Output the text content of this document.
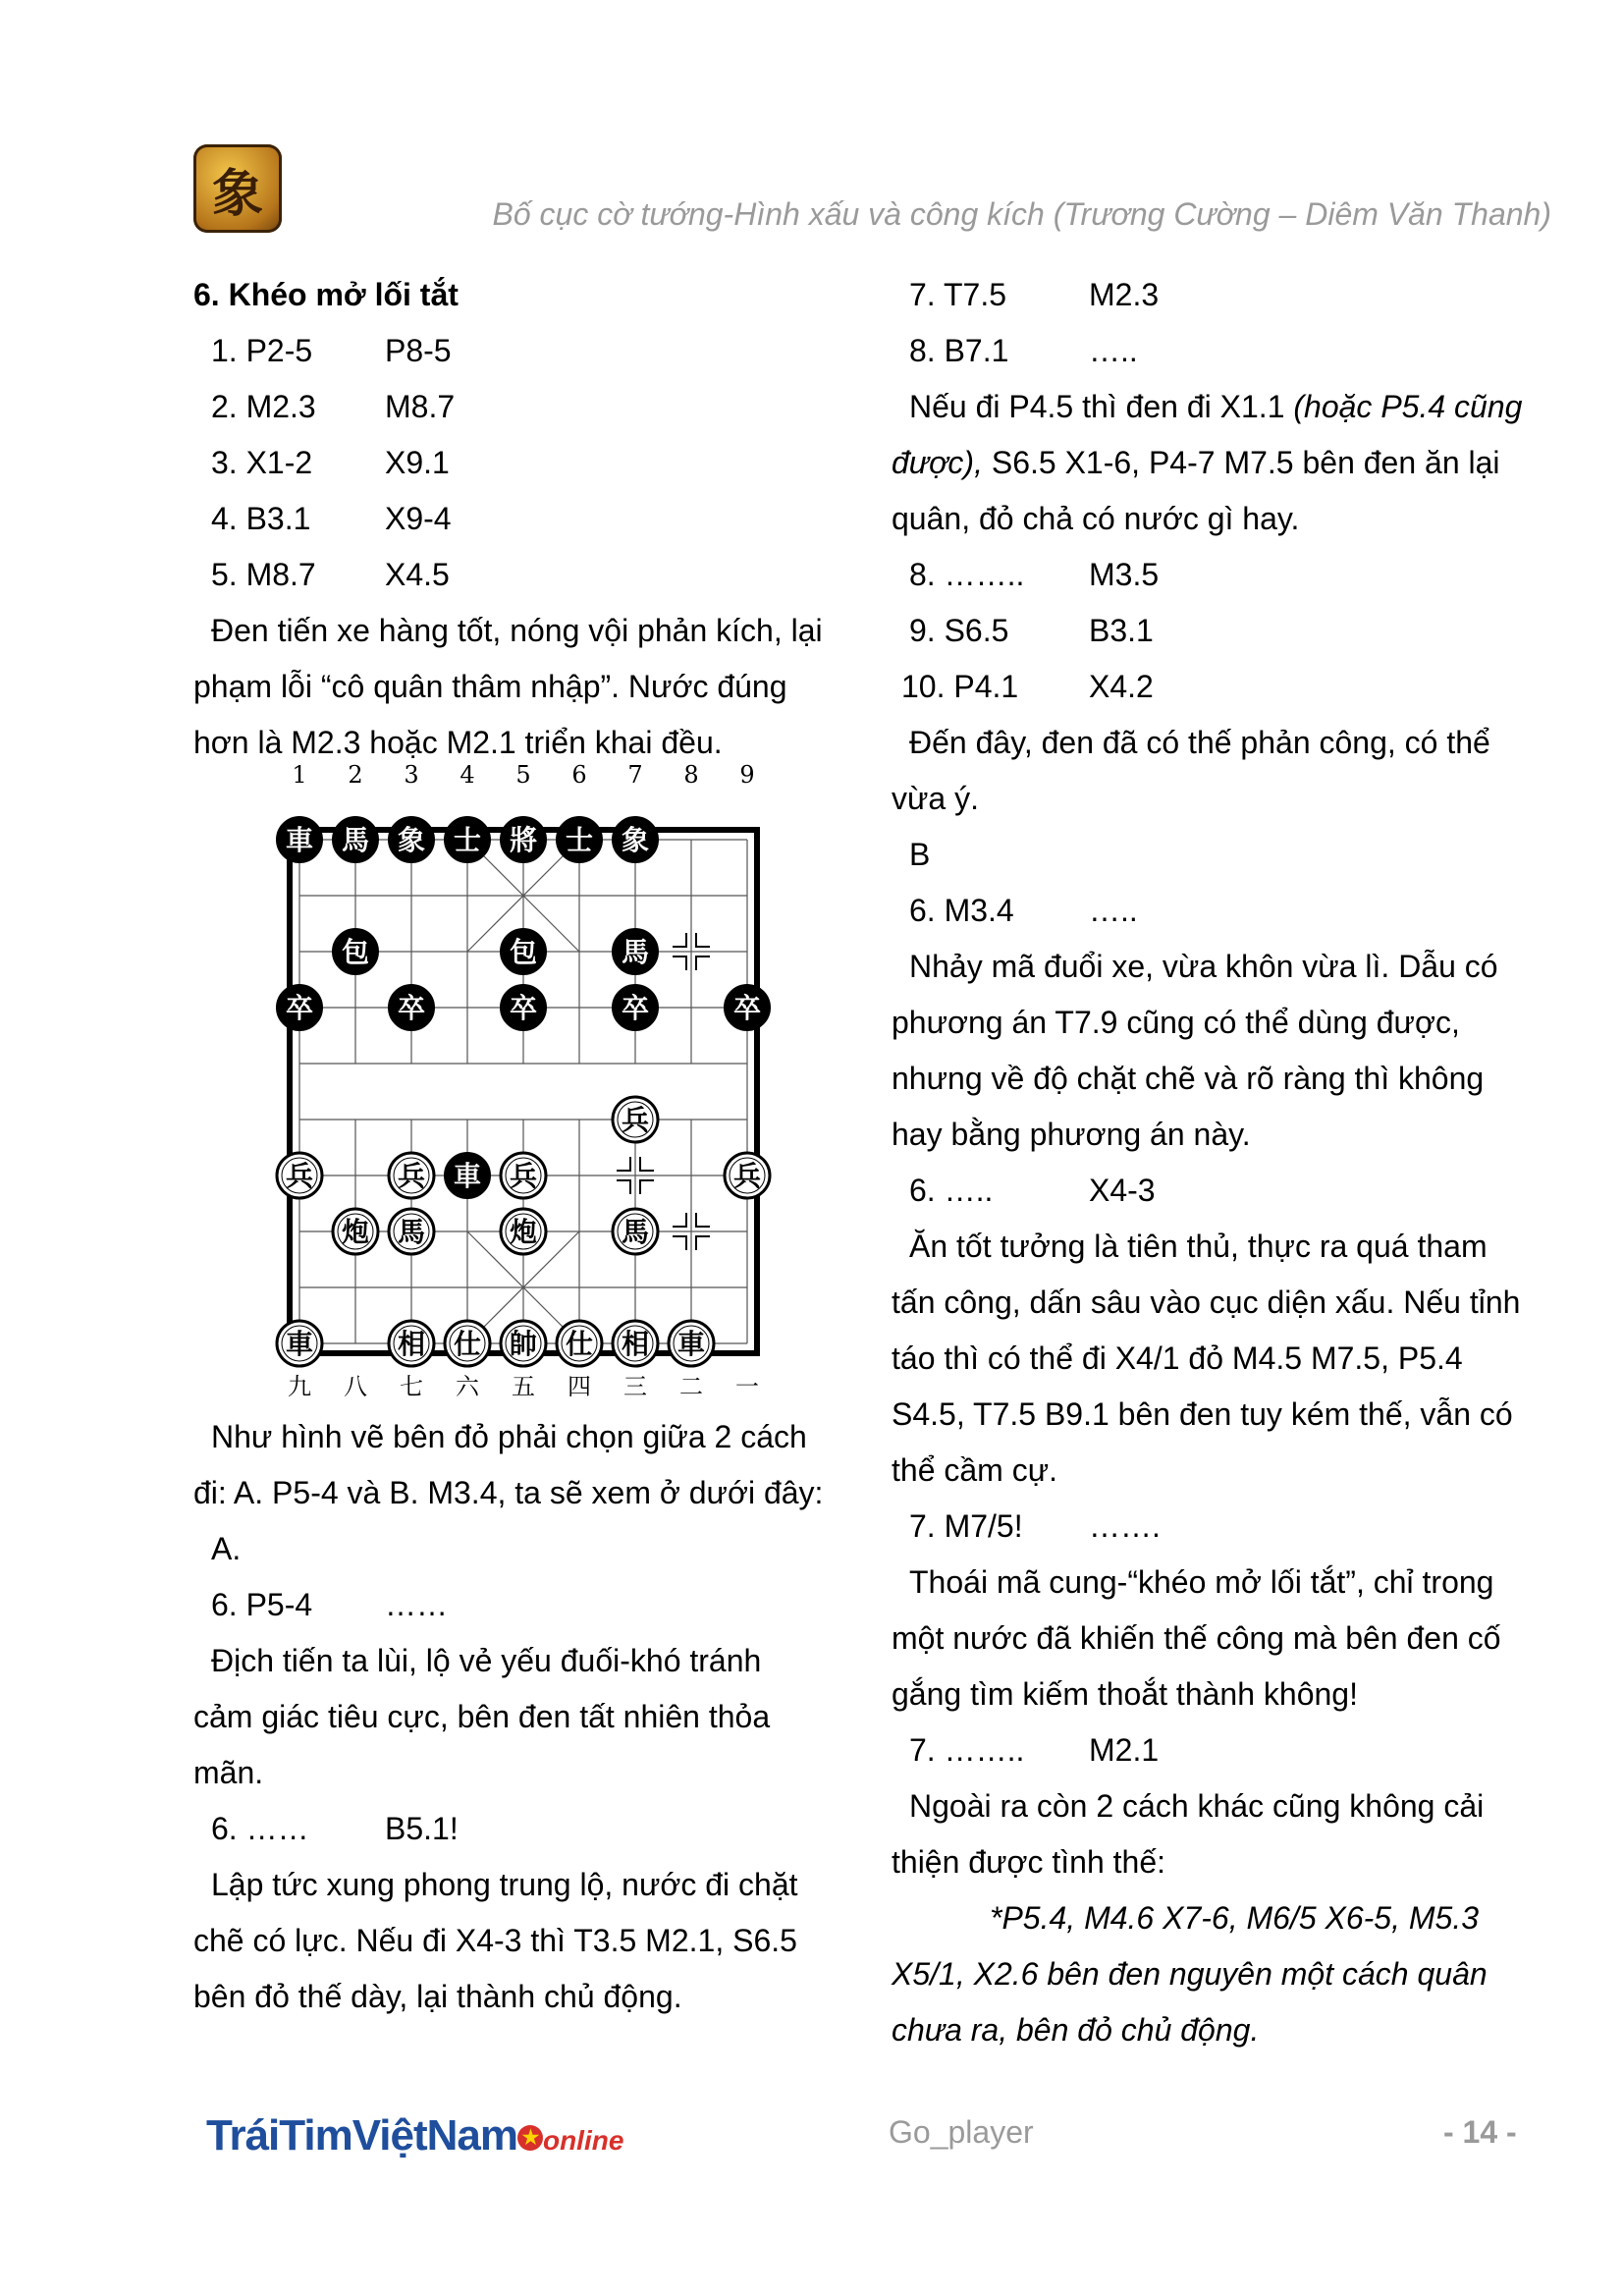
象	Bố cục cờ tướng-Hình xấu và công kích (Trương Cường – Diêm Văn Thanh)
6. Khéo mở lối tắt
1. P2-5 P8-5
2. M2.3 M8.7
3. X1-2 X9.1
4. B3.1 X9-4
5. M8.7 X4.5
Đen tiến xe hàng tốt, nóng vội phản kích, lại
phạm lỗi “cô quân thâm nhập”. Nước đúng
hơn là M2.3 hoặc M2.1 triển khai đều.
1 2 3 4 5 6 7 8 9
九 八 七 六 五 四 三 二 一
車 馬 象 士 將 士 象
包	包	馬
卒	卒	卒	卒	卒
兵
兵	兵 車 兵	兵
炮 馬	炮	馬
車	相 仕 帥 仕 相 車
Như hình vẽ bên đỏ phải chọn giữa 2 cách
đi: A. P5-4 và B. M3.4, ta sẽ xem ở dưới đây:
A.
6. P5-4 ……
Địch tiến ta lùi, lộ vẻ yếu đuối-khó tránh
cảm giác tiêu cực, bên đen tất nhiên thỏa
mãn.
6. …… B5.1!
Lập tức xung phong trung lộ, nước đi chặt
chẽ có lực. Nếu đi X4-3 thì T3.5 M2.1, S6.5
bên đỏ thế dày, lại thành chủ động.
7. T7.5	M2.3
8. B7.1	…..
Nếu đi P4.5 thì đen đi X1.1 (hoặc P5.4 cũng
được), S6.5 X1-6, P4-7 M7.5 bên đen ăn lại
quân, đỏ chả có nước gì hay.
8. …….. M3.5
9. S6.5	B3.1
10. P4.1 X4.2
Đến đây, đen đã có thế phản công, có thể
vừa ý.
B
6. M3.4 …..
Nhảy mã đuổi xe, vừa khôn vừa lì. Dẫu có
phương án T7.9 cũng có thể dùng được,
nhưng về độ chặt chẽ và rõ ràng thì không
hay bằng phương án này.
6. …..	X4-3
Ăn tốt tưởng là tiên thủ, thực ra quá tham
tấn công, dấn sâu vào cục diện xấu. Nếu tỉnh
táo thì có thể đi X4/1 đỏ M4.5 M7.5, P5.4
S4.5, T7.5 B9.1 bên đen tuy kém thế, vẫn có
thể cầm cự.
7. M7/5! …….
Thoái mã cung-“khéo mở lối tắt”, chỉ trong
một nước đã khiến thế công mà bên đen cố
gắng tìm kiếm thoắt thành không!
7. …….. M2.1
Ngoài ra còn 2 cách khác cũng không cải
thiện được tình thế:
*P5.4, M4.6 X7-6, M6/5 X6-5, M5.3
X5/1, X2.6 bên đen nguyên một cách quân
chưa ra, bên đỏ chủ động.
TráiTimViệtNam ★ online	Go_player	- 14 -
